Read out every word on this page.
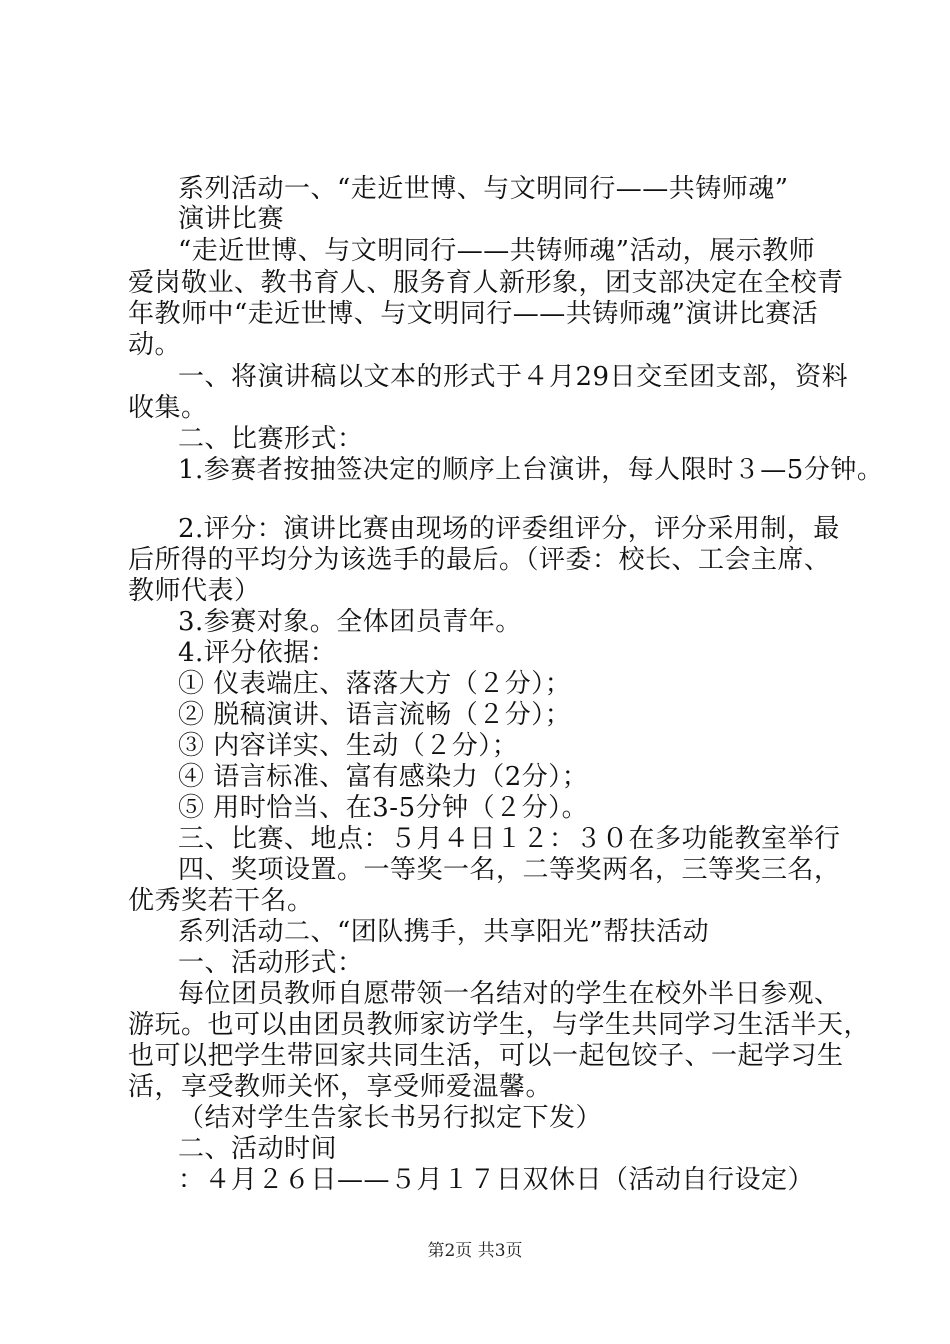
系列活动一、“走近世博、与文明同行——共铸师魂”
演讲比赛
“走近世博、与文明同行——共铸师魂”活动，展示教师
爱岗敬业、教书育人、服务育人新形象，团支部决定在全校青
年教师中“走近世博、与文明同行——共铸师魂”演讲比赛活
动。
一、将演讲稿以文本的形式于４月29日交至团支部，资料
收集。
二、比赛形式：
1.参赛者按抽签决定的顺序上台演讲，每人限时３—5分钟。
2.评分：演讲比赛由现场的评委组评分，评分采用制，最
后所得的平均分为该选手的最后。（评委：校长、工会主席、
教师代表）
3.参赛对象。全体团员青年。
4.评分依据：
① 仪表端庄、落落大方（２分）；
② 脱稿演讲、语言流畅（２分）；
③ 内容详实、生动（２分）；
④ 语言标准、富有感染力（2分）；
⑤ 用时恰当、在3-5分钟（２分）。
三、比赛、地点：５月４日１２：３０在多功能教室举行
四、奖项设置。一等奖一名，二等奖两名，三等奖三名，
优秀奖若干名。
系列活动二、“团队携手，共享阳光”帮扶活动
一、活动形式：
每位团员教师自愿带领一名结对的学生在校外半日参观、
游玩。也可以由团员教师家访学生，与学生共同学习生活半天，
也可以把学生带回家共同生活，可以一起包饺子、一起学习生
活，享受教师关怀，享受师爱温馨。
（结对学生告家长书另行拟定下发）
二、活动时间
：４月２６日——５月１７日双休日（活动自行设定）
第2页 共3页
